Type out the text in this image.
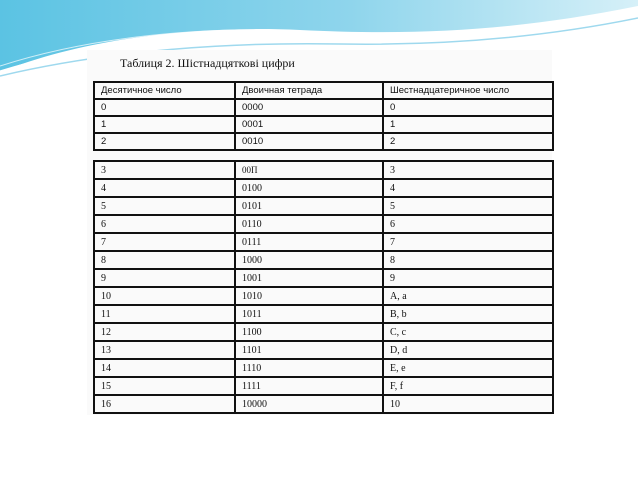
Таблиця 2. Шістнадцяткові цифри
Десятичное число	Двоичная тетрада	Шестнадцатеричное число
0	0000	0
1	0001	1
2	0010	2
3	00П	3
4	0100	4
5	0101	5
6	0110	6
7	0111	7
8	1000	8
9	1001	9
10	1010	A, a
11	1011	B, b
12	1100	C, c
13	1101	D, d
14	1110	E, e
15	1111	F, f
16	10000	10
